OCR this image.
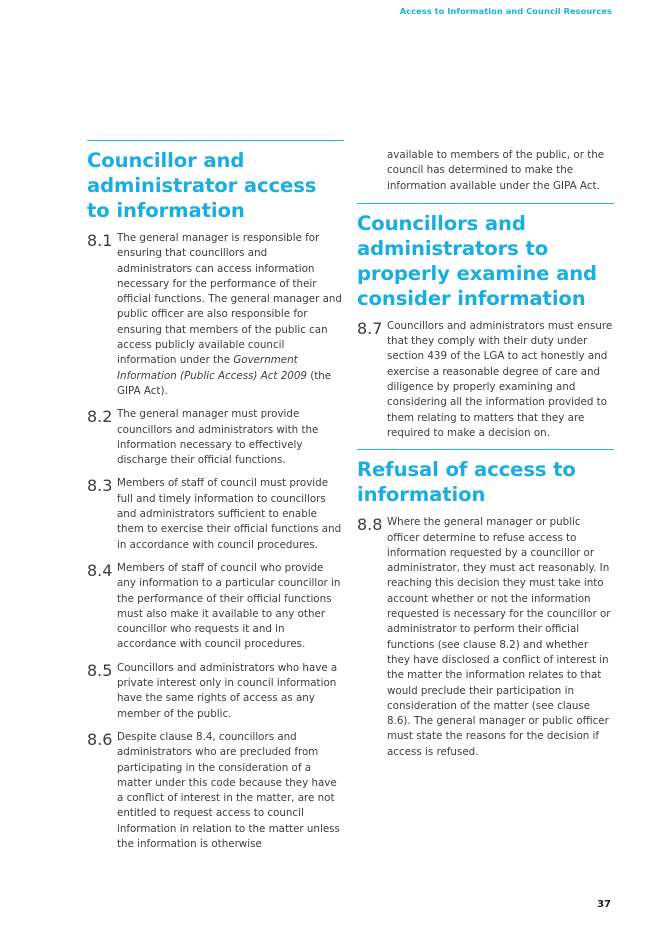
Access to Information and Council Resources
Councillor and administrator access to information
8.1 The general manager is responsible for ensuring that councillors and administrators can access information necessary for the performance of their official functions. The general manager and public officer are also responsible for ensuring that members of the public can access publicly available council information under the Government Information (Public Access) Act 2009 (the GIPA Act).

8.2 The general manager must provide councillors and administrators with the information necessary to effectively discharge their official functions.

8.3 Members of staff of council must provide full and timely information to councillors and administrators sufficient to enable them to exercise their official functions and in accordance with council procedures.

8.4 Members of staff of council who provide any information to a particular councillor in the performance of their official functions must also make it available to any other councillor who requests it and in accordance with council procedures.

8.5 Councillors and administrators who have a private interest only in council information have the same rights of access as any member of the public.

8.6 Despite clause 8.4, councillors and administrators who are precluded from participating in the consideration of a matter under this code because they have a conflict of interest in the matter, are not entitled to request access to council information in relation to the matter unless the information is otherwise

available to members of the public, or the council has determined to make the information available under the GIPA Act.

Councillors and administrators to properly examine and consider information
8.7 Councillors and administrators must ensure that they comply with their duty under section 439 of the LGA to act honestly and exercise a reasonable degree of care and diligence by properly examining and considering all the information provided to them relating to matters that they are required to make a decision on.

Refusal of access to information
8.8 Where the general manager or public officer determine to refuse access to information requested by a councillor or administrator, they must act reasonably. In reaching this decision they must take into account whether or not the information requested is necessary for the councillor or administrator to perform their official functions (see clause 8.2) and whether they have disclosed a conflict of interest in the matter the information relates to that would preclude their participation in consideration of the matter (see clause 8.6). The general manager or public officer must state the reasons for the decision if access is refused.

37
